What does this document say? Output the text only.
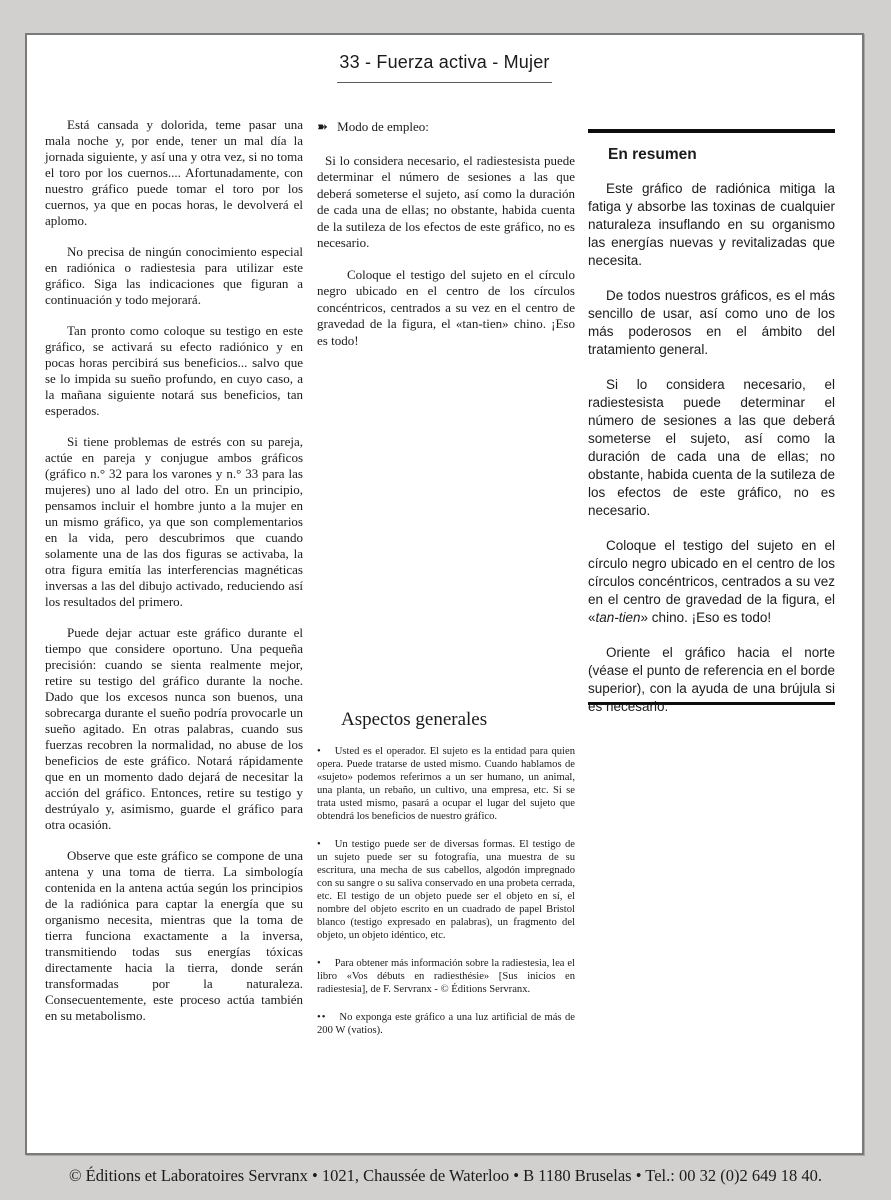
33 - Fuerza activa - Mujer

Está cansada y dolorida, teme pasar una mala noche y, por ende, tener un mal día la jornada siguiente, y así una y otra vez, si no toma el toro por los cuernos.... Afortunadamente, con nuestro gráfico puede tomar el toro por los cuernos, ya que en pocas horas, le devolverá el aplomo.

No precisa de ningún conocimiento especial en radiónica o radiestesia para utilizar este gráfico. Siga las indicaciones que figuran a continuación y todo mejorará.

Tan pronto como coloque su testigo en este gráfico, se activará su efecto radiónico y en pocas horas percibirá sus beneficios... salvo que se lo impida su sueño profundo, en cuyo caso, a la mañana siguiente notará sus beneficios, tan esperados.

Si tiene problemas de estrés con su pareja, actúe en pareja y conjugue ambos gráficos (gráfico n.° 32 para los varones y n.° 33 para las mujeres) uno al lado del otro. En un principio, pensamos incluir el hombre junto a la mujer en un mismo gráfico, ya que son complementarios en la vida, pero descubrimos que cuando solamente una de las dos figuras se activaba, la otra figura emitía las interferencias magnéticas inversas a las del dibujo activado, reduciendo así los resultados del primero.

Puede dejar actuar este gráfico durante el tiempo que considere oportuno. Una pequeña precisión: cuando se sienta realmente mejor, retire su testigo del gráfico durante la noche. Dado que los excesos nunca son buenos, una sobrecarga durante el sueño podría provocarle un sueño agitado. En otras palabras, cuando sus fuerzas recobren la normalidad, no abuse de los beneficios de este gráfico. Notará rápidamente que en un momento dado dejará de necesitar la acción del gráfico. Entonces, retire su testigo y destrúyalo y, asimismo, guarde el gráfico para otra ocasión.

Observe que este gráfico se compone de una antena y una toma de tierra. La simbología contenida en la antena actúa según los principios de la radiónica para captar la energía que su organismo necesita, mientras que la toma de tierra funciona exactamente a la inversa, transmitiendo todas sus energías tóxicas directamente hacia la tierra, donde serán transformadas por la naturaleza. Consecuentemente, este proceso actúa también en su metabolismo.

➽ Modo de empleo:

Si lo considera necesario, el radiestesista puede determinar el número de sesiones a las que deberá someterse el sujeto, así como la duración de cada una de ellas; no obstante, habida cuenta de la sutileza de los efectos de este gráfico, no es necesario.

Coloque el testigo del sujeto en el círculo negro ubicado en el centro de los círculos concéntricos, centrados a su vez en el centro de gravedad de la figura, el «tan-tien» chino. ¡Eso es todo!

Aspectos generales

• Usted es el operador. El sujeto es la entidad para quien opera. Puede tratarse de usted mismo. Cuando hablamos de «sujeto» podemos referirnos a un ser humano, un animal, una planta, un rebaño, un cultivo, una empresa, etc. Si se trata usted mismo, pasará a ocupar el lugar del sujeto que obtendrá los beneficios de nuestro gráfico.

• Un testigo puede ser de diversas formas. El testigo de un sujeto puede ser su fotografía, una muestra de su escritura, una mecha de sus cabellos, algodón impregnado con su sangre o su saliva conservado en una probeta cerrada, etc. El testigo de un objeto puede ser el objeto en sí, el nombre del objeto escrito en un cuadrado de papel Bristol blanco (testigo expresado en palabras), un fragmento del objeto, un objeto idéntico, etc.

• Para obtener más información sobre la radiestesia, lea el libro «Vos débuts en radiesthésie» [Sus inicios en radiestesia], de F. Servranx - © Éditions Servranx.

•• No exponga este gráfico a una luz artificial de más de 200 W (vatios).

En resumen

Este gráfico de radiónica mitiga la fatiga y absorbe las toxinas de cualquier naturaleza insuflando en su organismo las energías nuevas y revitalizadas que necesita.

De todos nuestros gráficos, es el más sencillo de usar, así como uno de los más poderosos en el ámbito del tratamiento general.

Si lo considera necesario, el radiestesista puede determinar el número de sesiones a las que deberá someterse el sujeto, así como la duración de cada una de ellas; no obstante, habida cuenta de la sutileza de los efectos de este gráfico, no es necesario.

Coloque el testigo del sujeto en el círculo negro ubicado en el centro de los círculos concéntricos, centrados a su vez en el centro de gravedad de la figura, el «tan-tien» chino. ¡Eso es todo!

Oriente el gráfico hacia el norte (véase el punto de referencia en el borde superior), con la ayuda de una brújula si es necesario.

© Éditions et Laboratoires Servranx • 1021, Chaussée de Waterloo • B 1180 Bruselas • Tel.: 00 32 (0)2 649 18 40.
